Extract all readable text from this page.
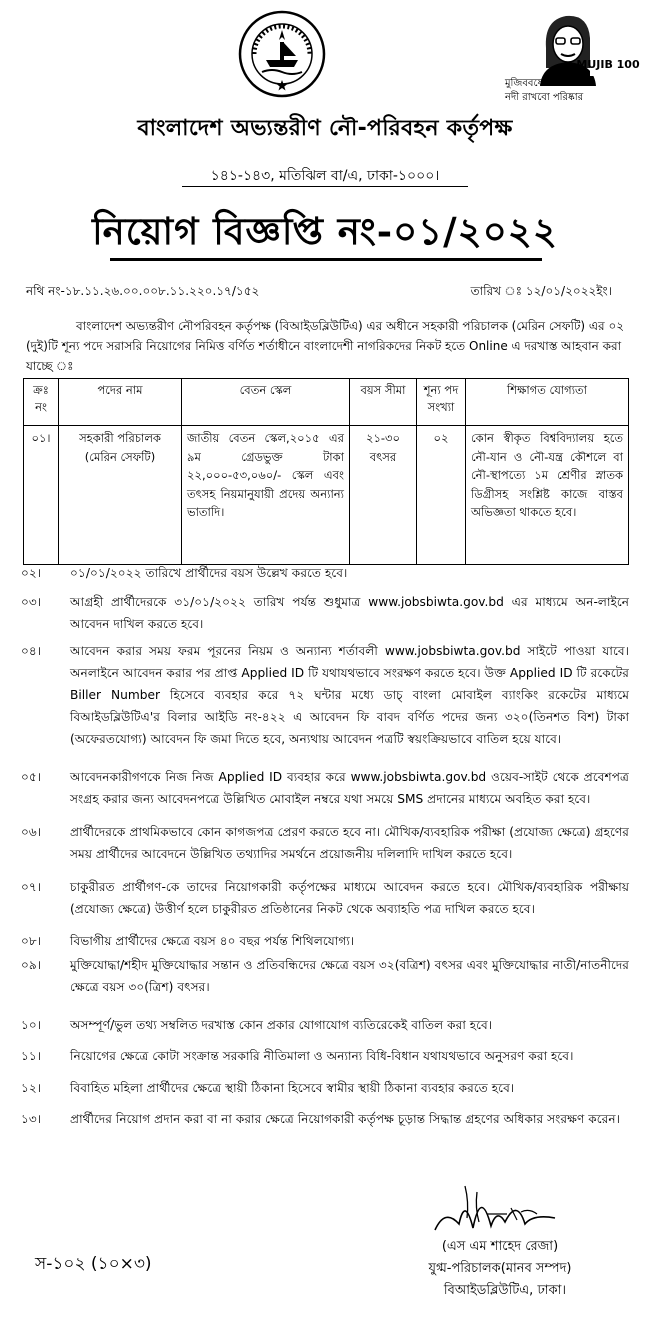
MUJIB 100
মুজিববর্ষের অঙ্গীকার
নদী রাখবো পরিষ্কার
বাংলাদেশ অভ্যন্তরীণ নৌ-পরিবহন কর্তৃপক্ষ
১৪১-১৪৩, মতিঝিল বা/এ, ঢাকা-১০০০।
নিয়োগ বিজ্ঞপ্তি নং-০১/২০২২
নথি নং-১৮.১১.২৬.০০.০০৮.১১.২২০.১৭/১৫২	তারিখ ঃ ১২/০১/২০২২ইং।
বাংলাদেশ অভ্যন্তরীণ নৌপরিবহন কর্তৃপক্ষ (বিআইডব্লিউটিএ) এর অধীনে সহকারী পরিচালক (মেরিন সেফটি) এর ০২ (দুই)টি শূন্য পদে সরাসরি নিয়োগের নিমিত্ত বর্ণিত শর্তাধীনে বাংলাদেশী নাগরিকদের নিকট হতে Online এ দরখাস্ত আহবান করা যাচ্ছে ঃ
ক্রঃ নং	পদের নাম	বেতন স্কেল	বয়স সীমা	শূন্য পদ সংখ্যা	শিক্ষাগত যোগ্যতা
০১।	সহকারী পরিচালক (মেরিন সেফটি)	জাতীয় বেতন স্কেল,২০১৫ এর ৯ম গ্রেডভুক্ত টাকা ২২,০০০-৫৩,০৬০/- স্কেল এবং তৎসহ নিয়মানুযায়ী প্রদেয় অন্যান্য ভাতাদি।	২১-৩০ বৎসর	০২	কোন স্বীকৃত বিশ্ববিদ্যালয় হতে নৌ-যান ও নৌ-যন্ত্র কৌশলে বা নৌ-স্থাপত্যে ১ম শ্রেণীর স্নাতক ডিগ্রীসহ সংশ্লিষ্ট কাজে বাস্তব অভিজ্ঞতা থাকতে হবে।
০২।	০১/০১/২০২২ তারিখে প্রার্থীদের বয়স উল্লেখ করতে হবে।
০৩।	আগ্রহী প্রার্থীদেরকে ৩১/০১/২০২২ তারিখ পর্যন্ত শুধুমাত্র www.jobsbiwta.gov.bd এর মাধ্যমে অন-লাইনে আবেদন দাখিল করতে হবে।
০৪।	আবেদন করার সময় ফরম পূরনের নিয়ম ও অন্যান্য শর্তাবলী www.jobsbiwta.gov.bd সাইটে পাওয়া যাবে। অনলাইনে আবেদন করার পর প্রাপ্ত Applied ID টি যথাযথভাবে সংরক্ষণ করতে হবে। উক্ত Applied ID টি রকেটের Biller Number হিসেবে ব্যবহার করে ৭২ ঘন্টার মধ্যে ডাচ্ বাংলা মোবাইল ব্যাংকিং রকেটের মাধ্যমে বিআইডব্লিউটিএ'র বিলার আইডি নং-৪২২ এ আবেদন ফি বাবদ বর্ণিত পদের জন্য ৩২০(তিনশত বিশ) টাকা (অফেরতযোগ্য) আবেদন ফি জমা দিতে হবে, অন্যথায় আবেদন পত্রটি স্বয়ংক্রিয়ভাবে বাতিল হয়ে যাবে।
০৫।	আবেদনকারীগণকে নিজ নিজ Applied ID ব্যবহার করে www.jobsbiwta.gov.bd ওয়েব-সাইট থেকে প্রবেশপত্র সংগ্রহ করার জন্য আবেদনপত্রে উল্লিখিত মোবাইল নম্বরে যথা সময়ে SMS প্রদানের মাধ্যমে অবহিত করা হবে।
০৬।	প্রার্থীদেরকে প্রাথমিকভাবে কোন কাগজপত্র প্রেরণ করতে হবে না। মৌখিক/ব্যবহারিক পরীক্ষা (প্রযোজ্য ক্ষেত্রে) গ্রহণের সময় প্রার্থীদের আবেদনে উল্লিখিত তথ্যাদির সমর্থনে প্রয়োজনীয় দলিলাদি দাখিল করতে হবে।
০৭।	চাকুরীরত প্রার্থীগণ-কে তাদের নিয়োগকারী কর্তৃপক্ষের মাধ্যমে আবেদন করতে হবে। মৌখিক/ব্যবহারিক পরীক্ষায় (প্রযোজ্য ক্ষেত্রে) উত্তীর্ণ হলে চাকুরীরত প্রতিষ্ঠানের নিকট থেকে অব্যাহতি পত্র দাখিল করতে হবে।
০৮।	বিভাগীয় প্রার্থীদের ক্ষেত্রে বয়স ৪০ বছর পর্যন্ত শিথিলযোগ্য।
০৯।	মুক্তিযোদ্ধা/শহীদ মুক্তিযোদ্ধার সন্তান ও প্রতিবন্ধিদের ক্ষেত্রে বয়স ৩২(বত্রিশ) বৎসর এবং মুক্তিযোদ্ধার নাতী/নাতনীদের ক্ষেত্রে বয়স ৩০(ত্রিশ) বৎসর।
১০।	অসম্পূর্ণ/ভুল তথ্য সম্বলিত দরখাস্ত কোন প্রকার যোগাযোগ ব্যতিরেকেই বাতিল করা হবে।
১১।	নিয়োগের ক্ষেত্রে কোটা সংক্রান্ত সরকারি নীতিমালা ও অন্যান্য বিধি-বিধান যথাযথভাবে অনুসরণ করা হবে।
১২।	বিবাহিত মহিলা প্রার্থীদের ক্ষেত্রে স্থায়ী ঠিকানা হিসেবে স্বামীর স্থায়ী ঠিকানা ব্যবহার করতে হবে।
১৩।	প্রার্থীদের নিয়োগ প্রদান করা বা না করার ক্ষেত্রে নিয়োগকারী কর্তৃপক্ষ চূড়ান্ত সিদ্ধান্ত গ্রহণের অধিকার সংরক্ষণ করেন।
(এস এম শাহেদ রেজা)
যুগ্ম-পরিচালক(মানব সম্পদ)
বিআইডব্লিউটিএ, ঢাকা।
স-১০২ (১০×৩)
